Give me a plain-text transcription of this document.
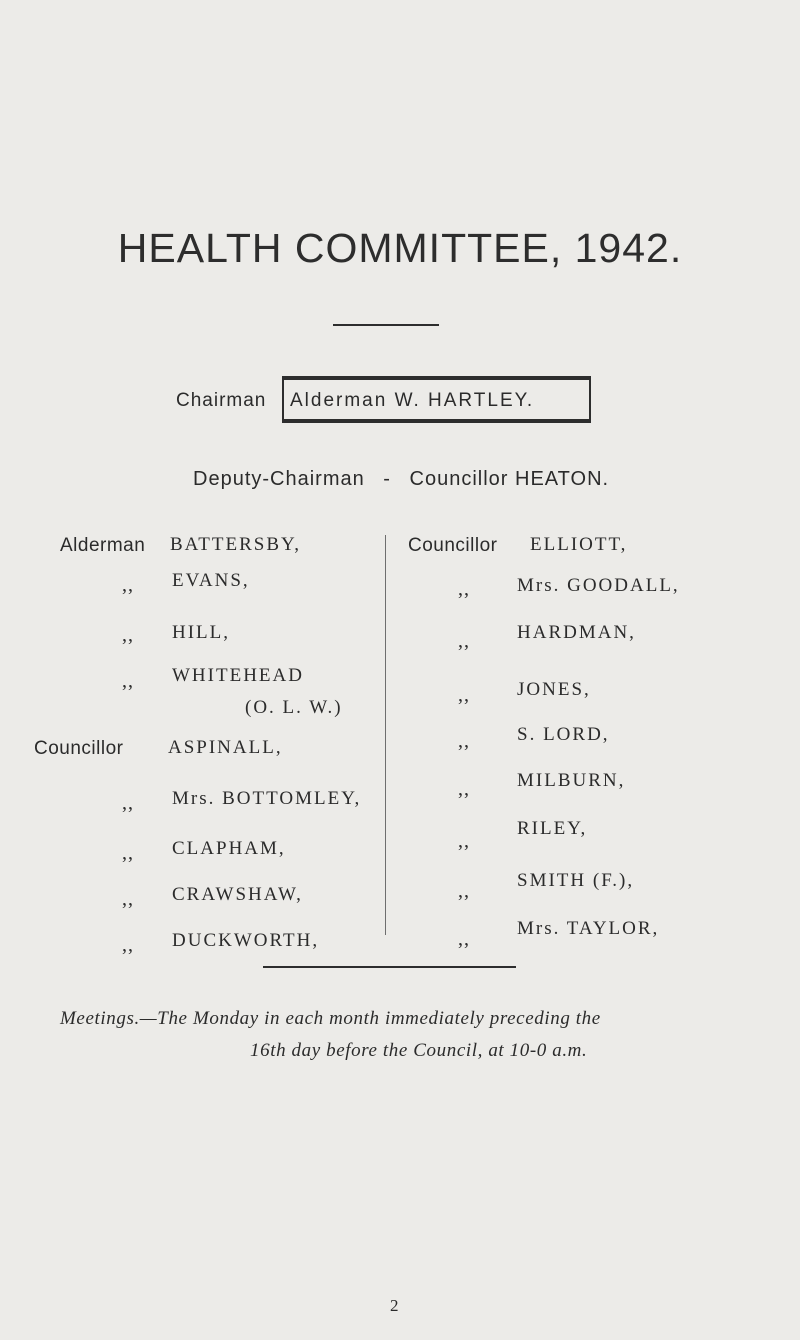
HEALTH COMMITTEE, 1942.
Chairman Alderman W. HARTLEY.
Deputy-Chairman - Councillor HEATON.
Alderman BATTERSBY,
,, EVANS,
,, HILL,
,, WHITEHEAD
(O. L. W.)
Councillor ASPINALL,
,, Mrs. BOTTOMLEY,
,, CLAPHAM,
,, CRAWSHAW,
,, DUCKWORTH,
Councillor ELLIOTT,
,, Mrs. GOODALL,
,, HARDMAN,
,, JONES,
,, S. LORD,
,, MILBURN,
,,
RILEY,
,, SMITH (F.),
,, Mrs. TAYLOR,
Meetings.—The Monday in each month immediately preceding the
16th day before the Council, at 10-0 a.m.
2
